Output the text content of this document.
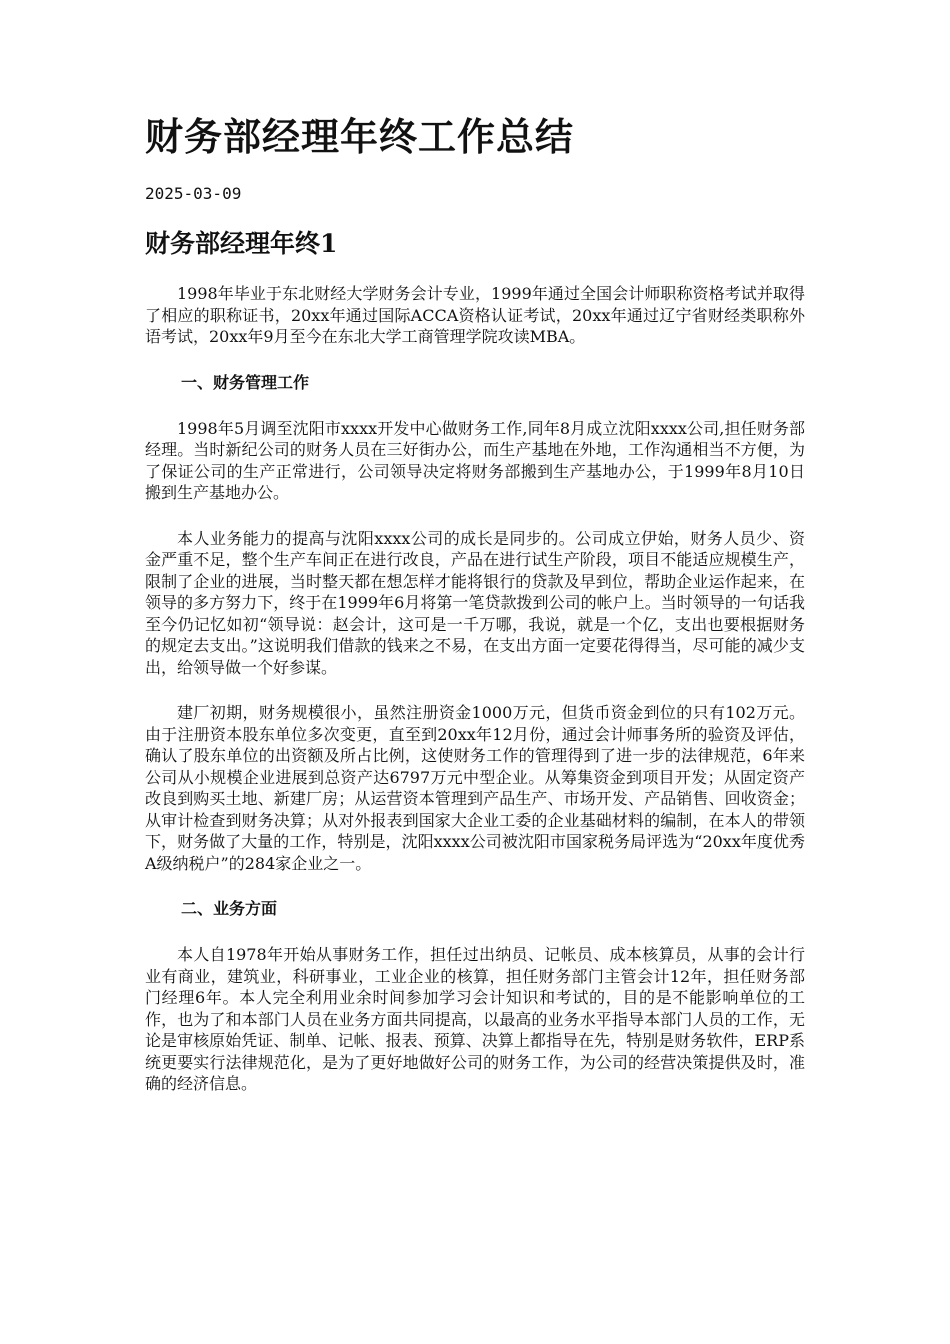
财务部经理年终工作总结
2025-03-09
财务部经理年终1

1998年毕业于东北财经大学财务会计专业，1999年通过全国会计师职称资格考试并取得了相应的职称证书，20xx年通过国际ACCA资格认证考试，20xx年通过辽宁省财经类职称外语考试，20xx年9月至今在东北大学工商管理学院攻读MBA。

一、财务管理工作

1998年5月调至沈阳市xxxx开发中心做财务工作,同年8月成立沈阳xxxx公司,担任财务部经理。当时新纪公司的财务人员在三好街办公，而生产基地在外地，工作沟通相当不方便，为了保证公司的生产正常进行，公司领导决定将财务部搬到生产基地办公，于1999年8月10日搬到生产基地办公。

本人业务能力的提高与沈阳xxxx公司的成长是同步的。公司成立伊始，财务人员少、资金严重不足，整个生产车间正在进行改良，产品在进行试生产阶段，项目不能适应规模生产，限制了企业的进展，当时整天都在想怎样才能将银行的贷款及早到位，帮助企业运作起来，在领导的多方努力下，终于在1999年6月将第一笔贷款拨到公司的帐户上。当时领导的一句话我至今仍记忆如初“领导说：赵会计，这可是一千万哪，我说，就是一个亿，支出也要根据财务的规定去支出。”这说明我们借款的钱来之不易，在支出方面一定要花得得当，尽可能的减少支出，给领导做一个好参谋。

建厂初期，财务规模很小，虽然注册资金1000万元，但货币资金到位的只有102万元。由于注册资本股东单位多次变更，直至到20xx年12月份，通过会计师事务所的验资及评估，确认了股东单位的出资额及所占比例，这使财务工作的管理得到了进一步的法律规范，6年来公司从小规模企业进展到总资产达6797万元中型企业。从筹集资金到项目开发；从固定资产改良到购买土地、新建厂房；从运营资本管理到产品生产、市场开发、产品销售、回收资金；从审计检查到财务决算；从对外报表到国家大企业工委的企业基础材料的编制，在本人的带领下，财务做了大量的工作，特别是，沈阳xxxx公司被沈阳市国家税务局评选为“20xx年度优秀A级纳税户”的284家企业之一。

二、业务方面

本人自1978年开始从事财务工作，担任过出纳员、记帐员、成本核算员，从事的会计行业有商业，建筑业，科研事业，工业企业的核算，担任财务部门主管会计12年，担任财务部门经理6年。本人完全利用业余时间参加学习会计知识和考试的，目的是不能影响单位的工作，也为了和本部门人员在业务方面共同提高，以最高的业务水平指导本部门人员的工作，无论是审核原始凭证、制单、记帐、报表、预算、决算上都指导在先，特别是财务软件，ERP系统更要实行法律规范化，是为了更好地做好公司的财务工作，为公司的经营决策提供及时，准确的经济信息。
